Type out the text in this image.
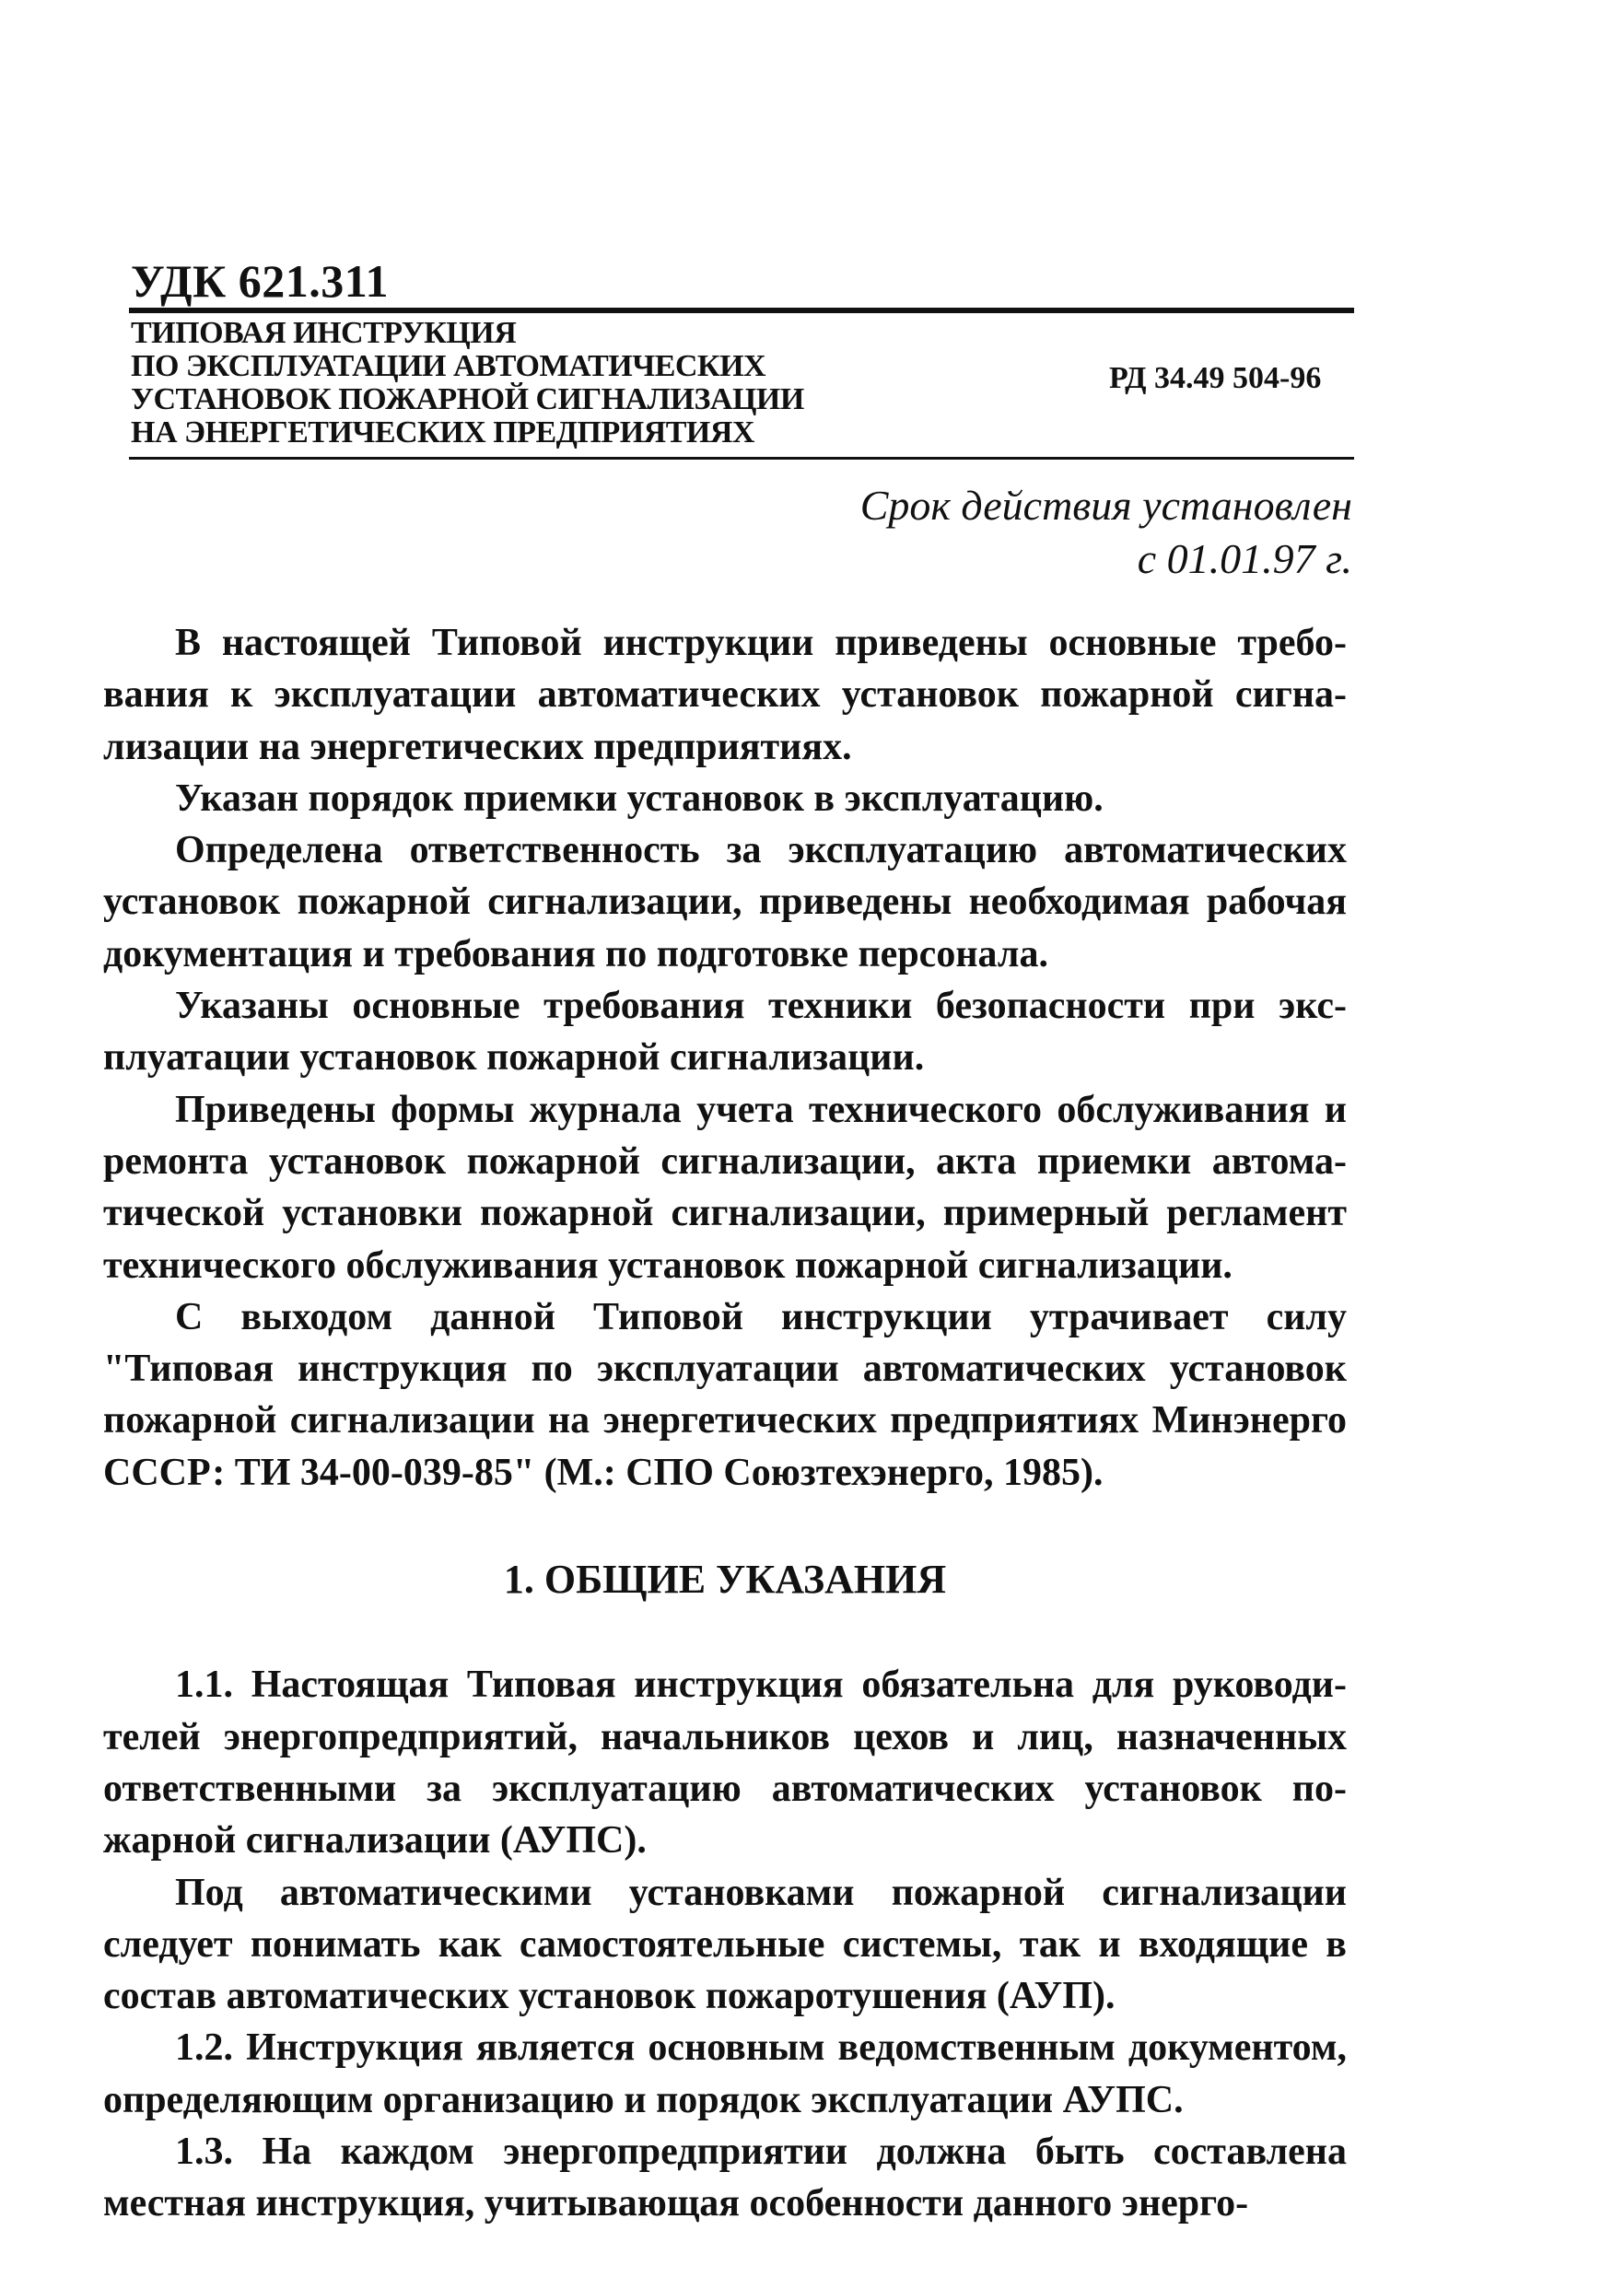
УДК 621.311
ТИПОВАЯ ИНСТРУКЦИЯ
ПО ЭКСПЛУАТАЦИИ АВТОМАТИЧЕСКИХ
УСТАНОВОК ПОЖАРНОЙ СИГНАЛИЗАЦИИ
НА ЭНЕРГЕТИЧЕСКИХ ПРЕДПРИЯТИЯХ
РД 34.49 504-96
Срок действия установлен
с 01.01.97 г.

В настоящей Типовой инструкции приведены основные требования к эксплуатации автоматических установок пожарной сигнализации на энергетических предприятиях.

Указан порядок приемки установок в эксплуатацию.

Определена ответственность за эксплуатацию автоматических установок пожарной сигнализации, приведены необходимая рабочая документация и требования по подготовке персонала.

Указаны основные требования техники безопасности при эксплуатации установок пожарной сигнализации.

Приведены формы журнала учета технического обслуживания и ремонта установок пожарной сигнализации, акта приемки автоматической установки пожарной сигнализации, примерный регламент технического обслуживания установок пожарной сигнализации.

С выходом данной Типовой инструкции утрачивает силу "Типовая инструкция по эксплуатации автоматических установок пожарной сигнализации на энергетических предприятиях Минэнерго СССР: ТИ 34-00-039-85" (М.: СПО Союзтехэнерго, 1985).

1. ОБЩИЕ УКАЗАНИЯ

1.1. Настоящая Типовая инструкция обязательна для руководителей энергопредприятий, начальников цехов и лиц, назначенных ответственными за эксплуатацию автоматических установок пожарной сигнализации (АУПС).

Под автоматическими установками пожарной сигнализации следует понимать как самостоятельные системы, так и входящие в состав автоматических установок пожаротушения (АУП).

1.2. Инструкция является основным ведомственным документом, определяющим организацию и порядок эксплуатации АУПС.

1.3. На каждом энергопредприятии должна быть составлена местная инструкция, учитывающая особенности данного энерго-
